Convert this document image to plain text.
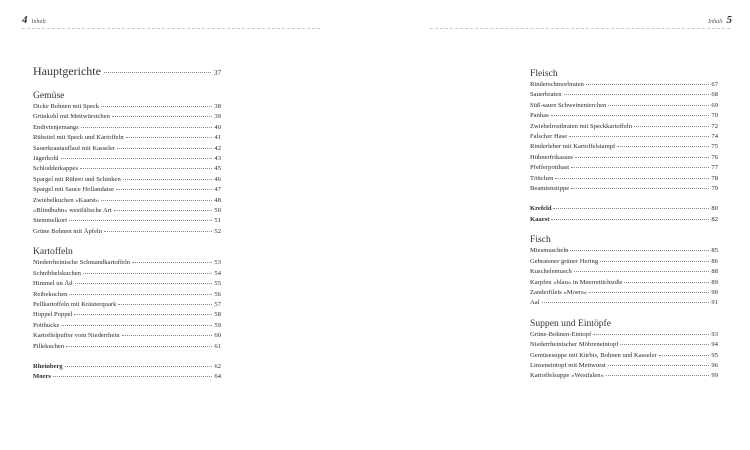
4 Inhalt
Hauptgerichte	37
Gemüse
Dicke Bohnen mit Speck	38
Grünkohl mit Mettwürstchen	39
Endivienjemangs	40
Rübstiel mit Speck und Kartoffeln	41
Sauerkrautauflauf mit Kasseler	42
Jägerkohl	43
Schlodderkappes	45
Spargel mit Rührei und Schinken	46
Spargel mit Sauce Hollandaise	47
Zwiebelkuchen »Kaarst«	48
»Blindhuhn« westfälische Art	50
Stemmelkort	51
Grüne Bohnen mit Äpfeln	52
Kartoffeln
Niederrheinische Schmandkartoffeln	53
Schnibbelskuchen	54
Himmel un Äd	55
Reibekuchen	56
Pellkartoffeln mit Kräuterquark	57
Hoppel Poppel	58
Potthucke	59
Kartoffelpuffer vom Niederrhein	60
Pillekuchen	61
Rheinberg	62
Moers	64
Inhalt 5
Fleisch
Rinderschmorbraten	67
Sauerbraten	68
Süß-saure Schweinenierchen	69
Panhas	70
Zwiebelrostbraten mit Speckkartoffeln	72
Falscher Hase	74
Rinderleber mit Kartoffelstampf	75
Hühnerfrikassee	76
Pfefferpotthast	77
Töttchen	78
Beamtenstippe	79
Krefeld	80
Kaarst	82
Fisch
Miesmuscheln	85
Gebratener grüner Hering	86
Kuschelemusch	88
Karpfen »blau« in Meerrettichsoße	89
Zanderfilets »Moers«	90
Aal	91
Suppen und Eintöpfe
Grüne-Bohnen-Eintopf	93
Niederrheinischer Möhreneintopf	94
Gemüsesuppe mit Kürbis, Bohnen und Kasseler	95
Linseneintopf mit Mettwurst	96
Kartoffelsuppe »Westfalen«	99
